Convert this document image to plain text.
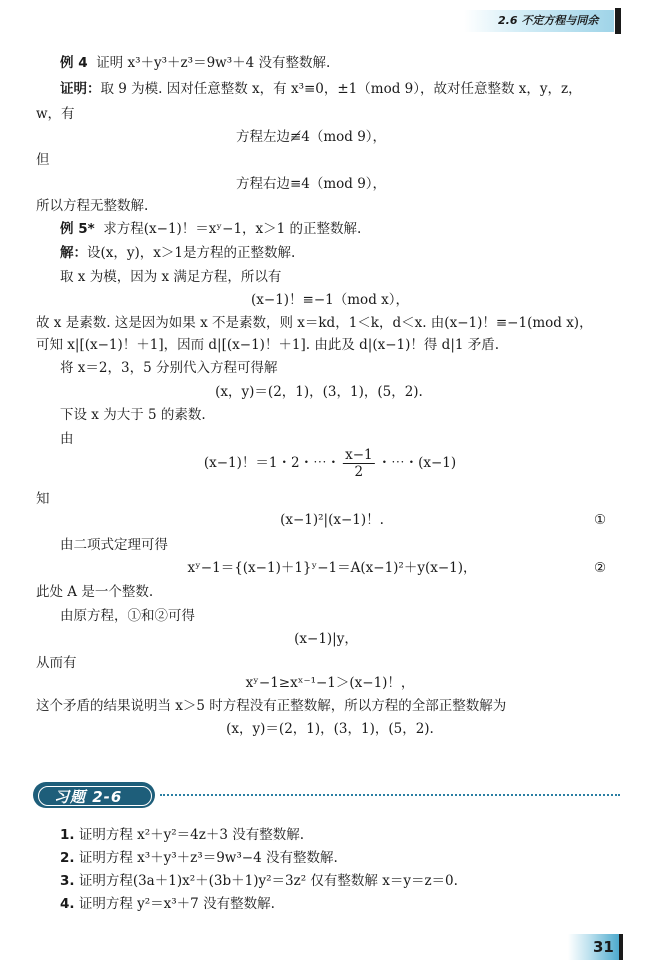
2.6 不定方程与同余
例 4 证明 x³＋y³＋z³＝9w³＋4 没有整数解.
证明：取 9 为模. 因对任意整数 x，有 x³≡0，±1（mod 9），故对任意整数 x，y，z，
w，有
方程左边≢4（mod 9），
但
方程右边≡4（mod 9），
所以方程无整数解.
例 5* 求方程(x−1)！＝xʸ−1，x＞1 的正整数解.
解：设(x，y)，x＞1是方程的正整数解.
取 x 为模，因为 x 满足方程，所以有
(x−1)！≡−1（mod x），
故 x 是素数. 这是因为如果 x 不是素数，则 x＝kd，1＜k，d＜x. 由(x−1)！≡−1(mod x)，
可知 x|[(x−1)！＋1]，因而 d|[(x−1)！＋1]. 由此及 d|(x−1)！得 d|1 矛盾.
将 x＝2，3，5 分别代入方程可得解
(x，y)＝(2，1)，(3，1)，(5，2).
下设 x 为大于 5 的素数.
由
(x−1)！＝1・2・⋯・ $\frac{x-1}{2}$ ・⋯・(x−1)
知
(x−1)²|(x−1)！.	①
由二项式定理可得
xʸ−1＝{(x−1)＋1}ʸ−1＝A(x−1)²＋y(x−1)，	②
此处 A 是一个整数.
由原方程，①和②可得
(x−1)|y，
从而有
xʸ−1≥xˣ⁻¹−1＞(x−1)！，
这个矛盾的结果说明当 x＞5 时方程没有正整数解，所以方程的全部正整数解为
(x，y)＝(2，1)，(3，1)，(5，2).
习题 2-6
1. 证明方程 x²＋y²＝4z＋3 没有整数解.
2. 证明方程 x³＋y³＋z³＝9w³−4 没有整数解.
3. 证明方程(3a＋1)x²＋(3b＋1)y²＝3z² 仅有整数解 x＝y＝z＝0.
4. 证明方程 y²＝x³＋7 没有整数解.
31
